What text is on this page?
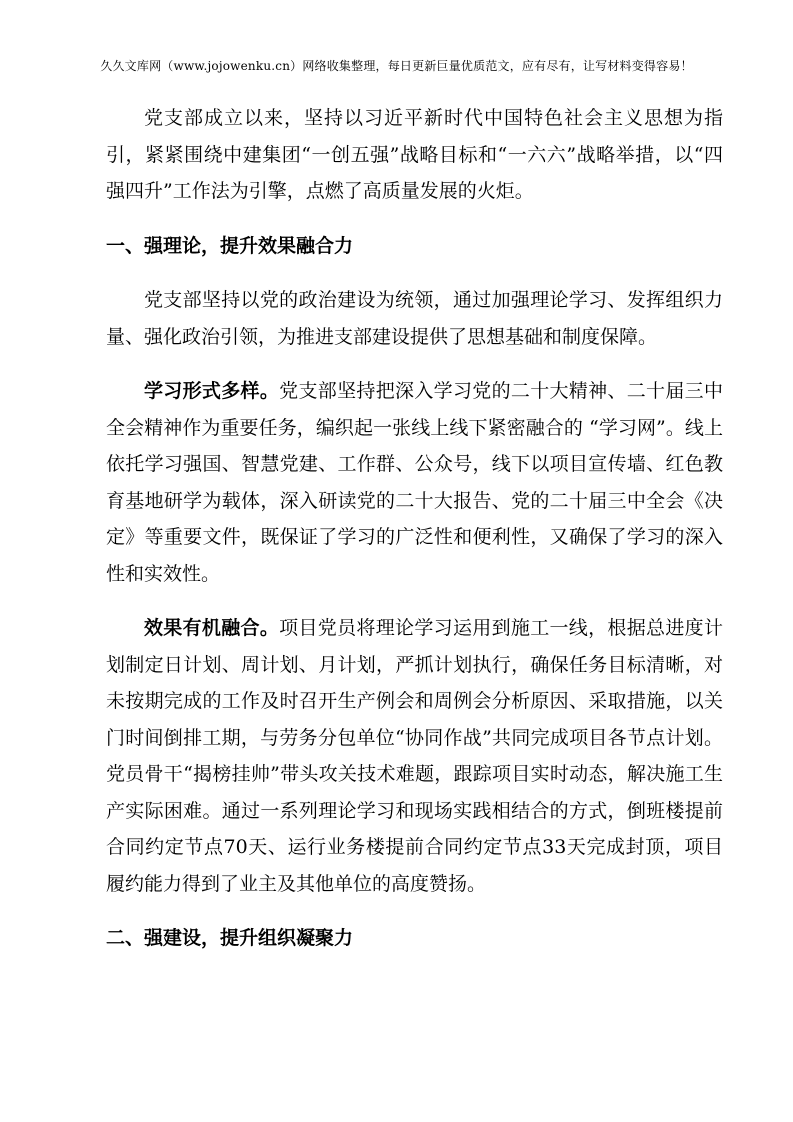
久久文库网（www.jojowenku.cn）网络收集整理，每日更新巨量优质范文，应有尽有，让写材料变得容易！

党支部成立以来，坚持以习近平新时代中国特色社会主义思想为指引，紧紧围绕中建集团“一创五强”战略目标和“一六六”战略举措，以“四强四升”工作法为引擎，点燃了高质量发展的火炬。

一、强理论，提升效果融合力

党支部坚持以党的政治建设为统领，通过加强理论学习、发挥组织力量、强化政治引领，为推进支部建设提供了思想基础和制度保障。

学习形式多样。党支部坚持把深入学习党的二十大精神、二十届三中全会精神作为重要任务，编织起一张线上线下紧密融合的 “学习网”。线上依托学习强国、智慧党建、工作群、公众号，线下以项目宣传墙、红色教育基地研学为载体，深入研读党的二十大报告、党的二十届三中全会《决定》等重要文件，既保证了学习的广泛性和便利性，又确保了学习的深入性和实效性。

效果有机融合。项目党员将理论学习运用到施工一线，根据总进度计划制定日计划、周计划、月计划，严抓计划执行，确保任务目标清晰，对未按期完成的工作及时召开生产例会和周例会分析原因、采取措施，以关门时间倒排工期，与劳务分包单位“协同作战”共同完成项目各节点计划。党员骨干“揭榜挂帅”带头攻关技术难题，跟踪项目实时动态，解决施工生产实际困难。通过一系列理论学习和现场实践相结合的方式，倒班楼提前合同约定节点70天、运行业务楼提前合同约定节点33天完成封顶，项目履约能力得到了业主及其他单位的高度赞扬。

二、强建设，提升组织凝聚力
